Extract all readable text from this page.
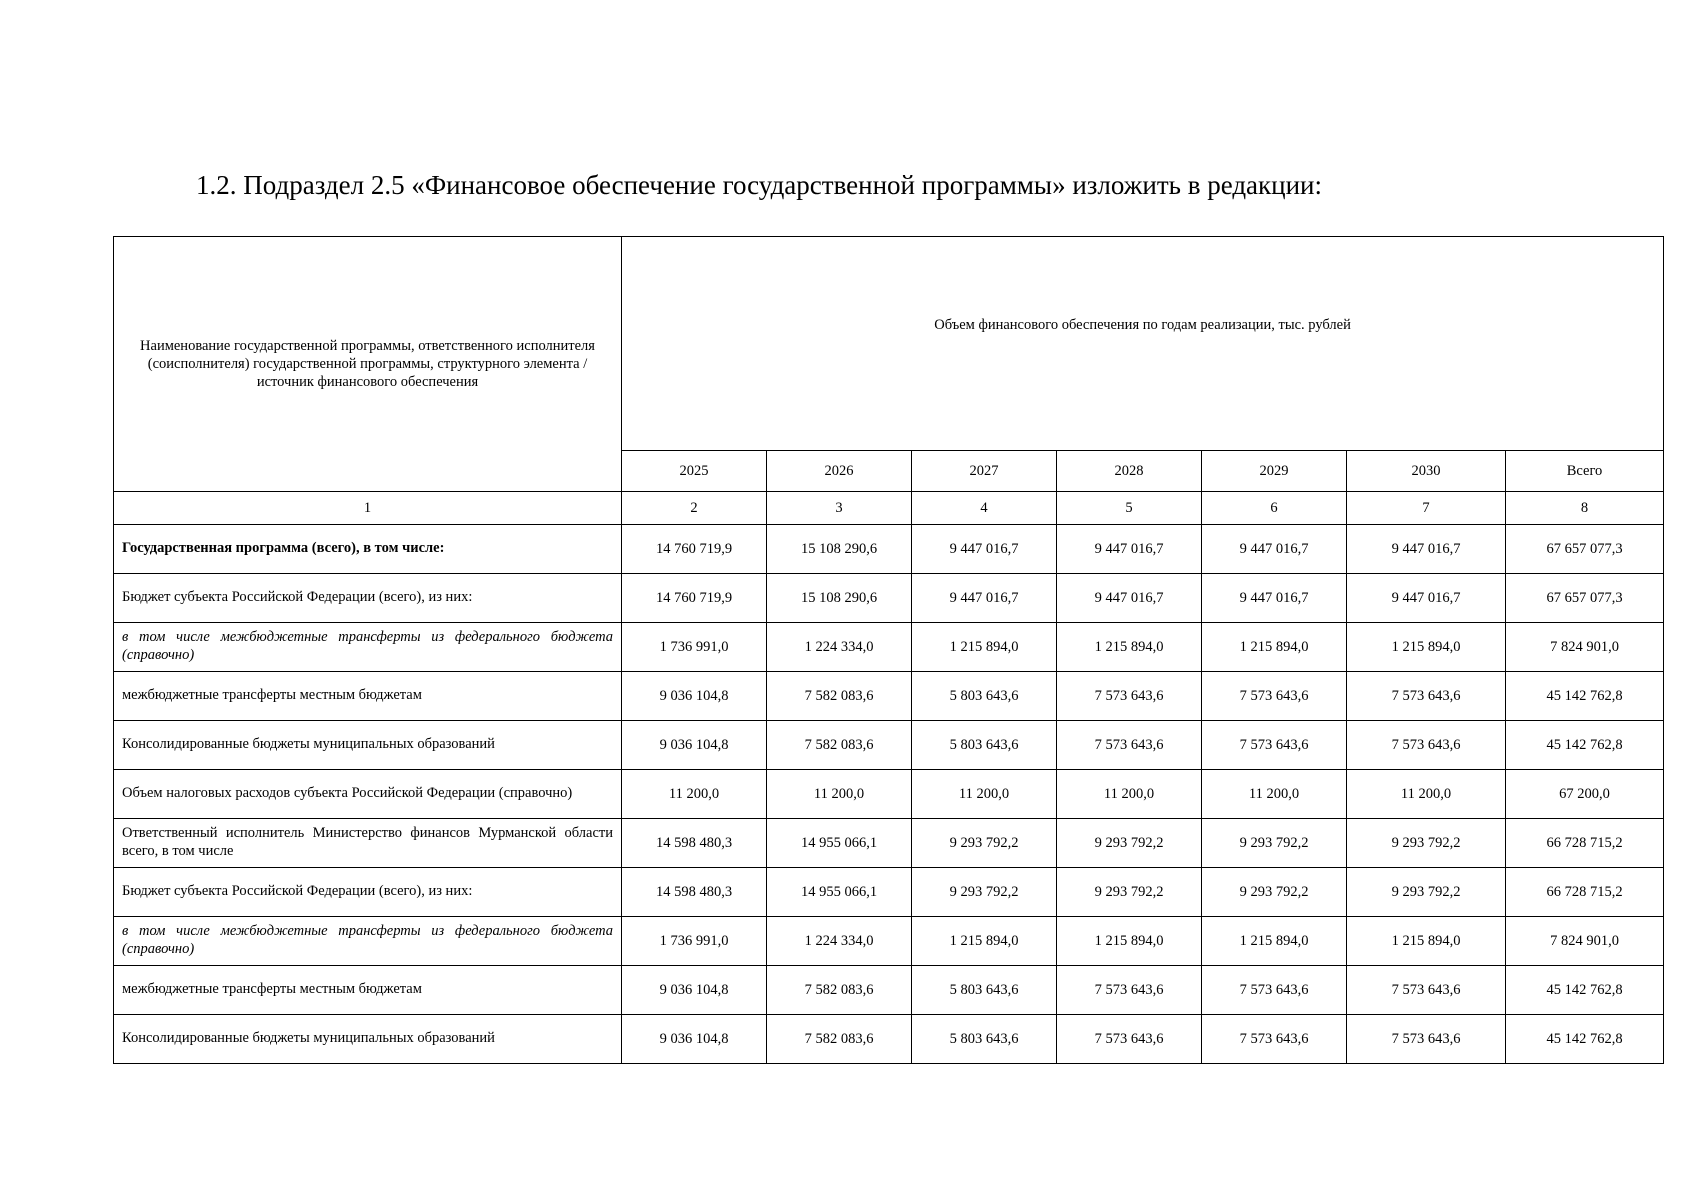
1.2. Подраздел 2.5 «Финансовое обеспечение государственной программы» изложить в редакции:
Наименование государственной программы, ответственного исполнителя (соисполнителя) государственной программы, структурного элемента / источник финансового обеспечения	Объем финансового обеспечения по годам реализации, тыс. рублей						
	2025	2026	2027	2028	2029	2030	Всего
1	2	3	4	5	6	7	8
Государственная программа (всего), в том числе:	14 760 719,9	15 108 290,6	9 447 016,7	9 447 016,7	9 447 016,7	9 447 016,7	67 657 077,3
Бюджет субъекта Российской Федерации (всего), из них:	14 760 719,9	15 108 290,6	9 447 016,7	9 447 016,7	9 447 016,7	9 447 016,7	67 657 077,3
в том числе межбюджетные трансферты из федерального бюджета (справочно)	1 736 991,0	1 224 334,0	1 215 894,0	1 215 894,0	1 215 894,0	1 215 894,0	7 824 901,0
межбюджетные трансферты местным бюджетам	9 036 104,8	7 582 083,6	5 803 643,6	7 573 643,6	7 573 643,6	7 573 643,6	45 142 762,8
Консолидированные бюджеты муниципальных образований	9 036 104,8	7 582 083,6	5 803 643,6	7 573 643,6	7 573 643,6	7 573 643,6	45 142 762,8
Объем налоговых расходов субъекта Российской Федерации (справочно)	11 200,0	11 200,0	11 200,0	11 200,0	11 200,0	11 200,0	67 200,0
Ответственный исполнитель Министерство финансов Мурманской области всего, в том числе	14 598 480,3	14 955 066,1	9 293 792,2	9 293 792,2	9 293 792,2	9 293 792,2	66 728 715,2
Бюджет субъекта Российской Федерации (всего), из них:	14 598 480,3	14 955 066,1	9 293 792,2	9 293 792,2	9 293 792,2	9 293 792,2	66 728 715,2
в том числе межбюджетные трансферты из федерального бюджета (справочно)	1 736 991,0	1 224 334,0	1 215 894,0	1 215 894,0	1 215 894,0	1 215 894,0	7 824 901,0
межбюджетные трансферты местным бюджетам	9 036 104,8	7 582 083,6	5 803 643,6	7 573 643,6	7 573 643,6	7 573 643,6	45 142 762,8
Консолидированные бюджеты муниципальных образований	9 036 104,8	7 582 083,6	5 803 643,6	7 573 643,6	7 573 643,6	7 573 643,6	45 142 762,8
